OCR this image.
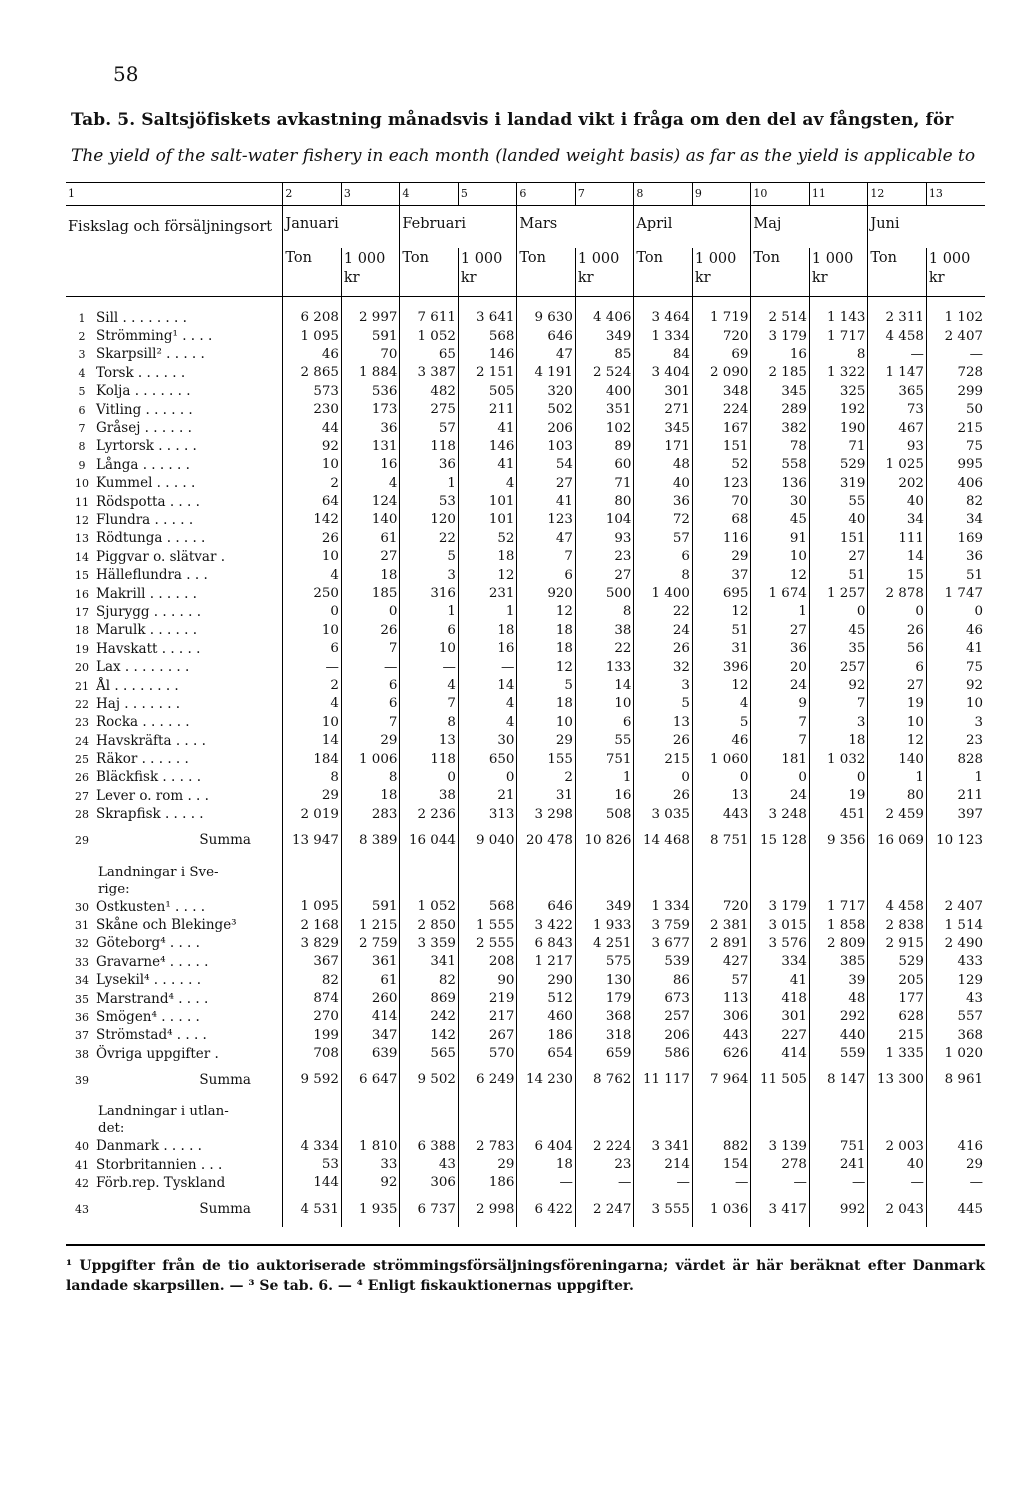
58
Tab. 5. Saltsjöfiskets avkastning månadsvis i landad vikt i fråga om den del av fångsten, för
The yield of the salt-water fishery in each month (landed weight basis) as far as the yield is applicable to
1	2	3	4	5	6	7	8	9	10	11	12	13
Fiskslag och försäljningsort	Januari		Februari		Mars		April		Maj		Juni	
	Ton	1 000 kr	Ton	1 000 kr	Ton	1 000 kr	Ton	1 000 kr	Ton	1 000 kr	Ton	1 000 kr

1 Sill . . . . . . . .	6 208	2 997	7 611	3 641	9 630	4 406	3 464	1 719	2 514	1 143	2 311	1 102
2 Strömming¹ . . . .	1 095	591	1 052	568	646	349	1 334	720	3 179	1 717	4 458	2 407
3 Skarpsill² . . . . .	46	70	65	146	47	85	84	69	16	8	—	—
4 Torsk . . . . . .	2 865	1 884	3 387	2 151	4 191	2 524	3 404	2 090	2 185	1 322	1 147	728
5 Kolja . . . . . . .	573	536	482	505	320	400	301	348	345	325	365	299
6 Vitling . . . . . .	230	173	275	211	502	351	271	224	289	192	73	50
7 Gråsej . . . . . .	44	36	57	41	206	102	345	167	382	190	467	215
8 Lyrtorsk . . . . .	92	131	118	146	103	89	171	151	78	71	93	75
9 Långa . . . . . .	10	16	36	41	54	60	48	52	558	529	1 025	995
10 Kummel . . . . .	2	4	1	4	27	71	40	123	136	319	202	406
11 Rödspotta . . . .	64	124	53	101	41	80	36	70	30	55	40	82
12 Flundra . . . . .	142	140	120	101	123	104	72	68	45	40	34	34
13 Rödtunga . . . . .	26	61	22	52	47	93	57	116	91	151	111	169
14 Piggvar o. slätvar .	10	27	5	18	7	23	6	29	10	27	14	36
15 Hälleflundra . . .	4	18	3	12	6	27	8	37	12	51	15	51
16 Makrill . . . . . .	250	185	316	231	920	500	1 400	695	1 674	1 257	2 878	1 747
17 Sjurygg . . . . . .	0	0	1	1	12	8	22	12	1	0	0	0
18 Marulk . . . . . .	10	26	6	18	18	38	24	51	27	45	26	46
19 Havskatt . . . . .	6	7	10	16	18	22	26	31	36	35	56	41
20 Lax . . . . . . . .	—	—	—	—	12	133	32	396	20	257	6	75
21 Ål . . . . . . . .	2	6	4	14	5	14	3	12	24	92	27	92
22 Haj . . . . . . .	4	6	7	4	18	10	5	4	9	7	19	10
23 Rocka . . . . . .	10	7	8	4	10	6	13	5	7	3	10	3
24 Havskräfta . . . .	14	29	13	30	29	55	26	46	7	18	12	23
25 Räkor . . . . . .	184	1 006	118	650	155	751	215	1 060	181	1 032	140	828
26 Bläckfisk . . . . .	8	8	0	0	2	1	0	0	0	0	1	1
27 Lever o. rom . . .	29	18	38	21	31	16	26	13	24	19	80	211
28 Skrapfisk . . . . .	2 019	283	2 236	313	3 298	508	3 035	443	3 248	451	2 459	397
29 Summa	13 947	8 389	16 044	9 040	20 478	10 826	14 468	8 751	15 128	9 356	16 069	10 123

Landningar i Sve-
rige:												

30 Ostkusten¹ . . . .	1 095	591	1 052	568	646	349	1 334	720	3 179	1 717	4 458	2 407
31 Skåne och Blekinge³	2 168	1 215	2 850	1 555	3 422	1 933	3 759	2 381	3 015	1 858	2 838	1 514
32 Göteborg⁴ . . . .	3 829	2 759	3 359	2 555	6 843	4 251	3 677	2 891	3 576	2 809	2 915	2 490
33 Gravarne⁴ . . . . .	367	361	341	208	1 217	575	539	427	334	385	529	433
34 Lysekil⁴ . . . . . .	82	61	82	90	290	130	86	57	41	39	205	129
35 Marstrand⁴ . . . .	874	260	869	219	512	179	673	113	418	48	177	43
36 Smögen⁴ . . . . .	270	414	242	217	460	368	257	306	301	292	628	557
37 Strömstad⁴ . . . .	199	347	142	267	186	318	206	443	227	440	215	368
38 Övriga uppgifter .	708	639	565	570	654	659	586	626	414	559	1 335	1 020
39 Summa	9 592	6 647	9 502	6 249	14 230	8 762	11 117	7 964	11 505	8 147	13 300	8 961

Landningar i utlan-
det:												

40 Danmark . . . . .	4 334	1 810	6 388	2 783	6 404	2 224	3 341	882	3 139	751	2 003	416
41 Storbritannien . . .	53	33	43	29	18	23	214	154	278	241	40	29
42 Förb.rep. Tyskland	144	92	306	186	—	—	—	—	—	—	—	—
43 Summa	4 531	1 935	6 737	2 998	6 422	2 247	3 555	1 036	3 417	992	2 043	445
¹ Uppgifter från de tio auktoriserade strömmingsförsäljningsföreningarna; värdet är här beräknat efter Danmark landade skarpsillen. — ³ Se tab. 6. — ⁴ Enligt fiskauktionernas uppgifter.
